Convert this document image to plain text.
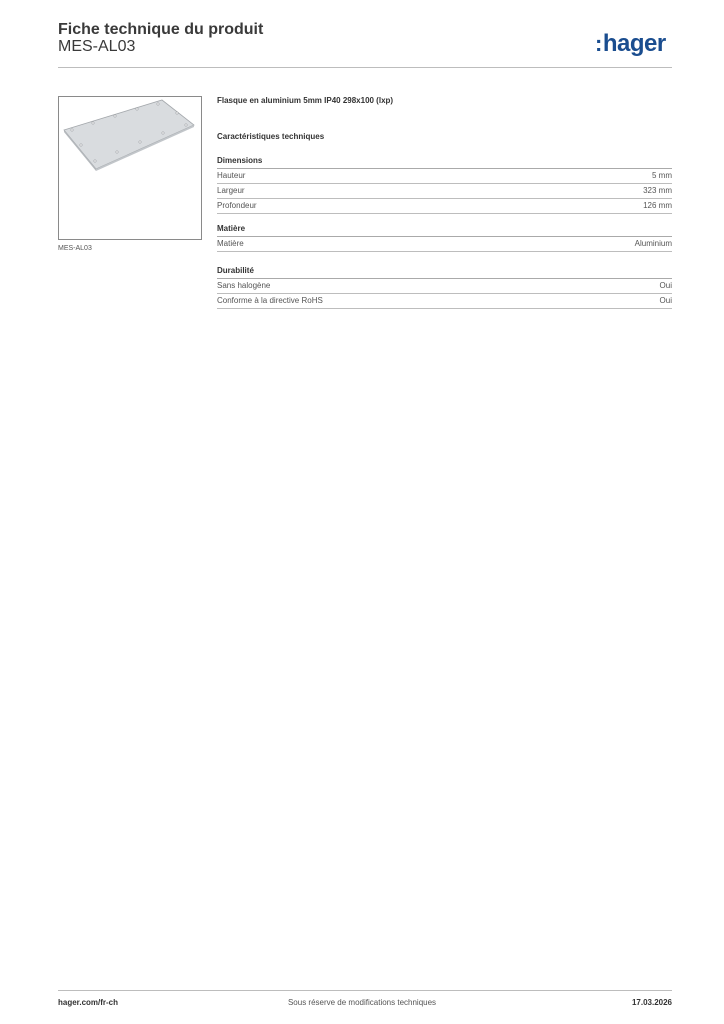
Fiche technique du produit
MES-AL03	:hager
MES-AL03
Flasque en aluminium 5mm IP40 298x100 (lxp)
Caractéristiques techniques
Dimensions
Hauteur	5 mm
Largeur	323 mm
Profondeur	126 mm
Matière
Matière	Aluminium
Durabilité
Sans halogène	Oui
Conforme à la directive RoHS	Oui
hager.com/fr-ch	Sous réserve de modifications techniques	17.03.2026
